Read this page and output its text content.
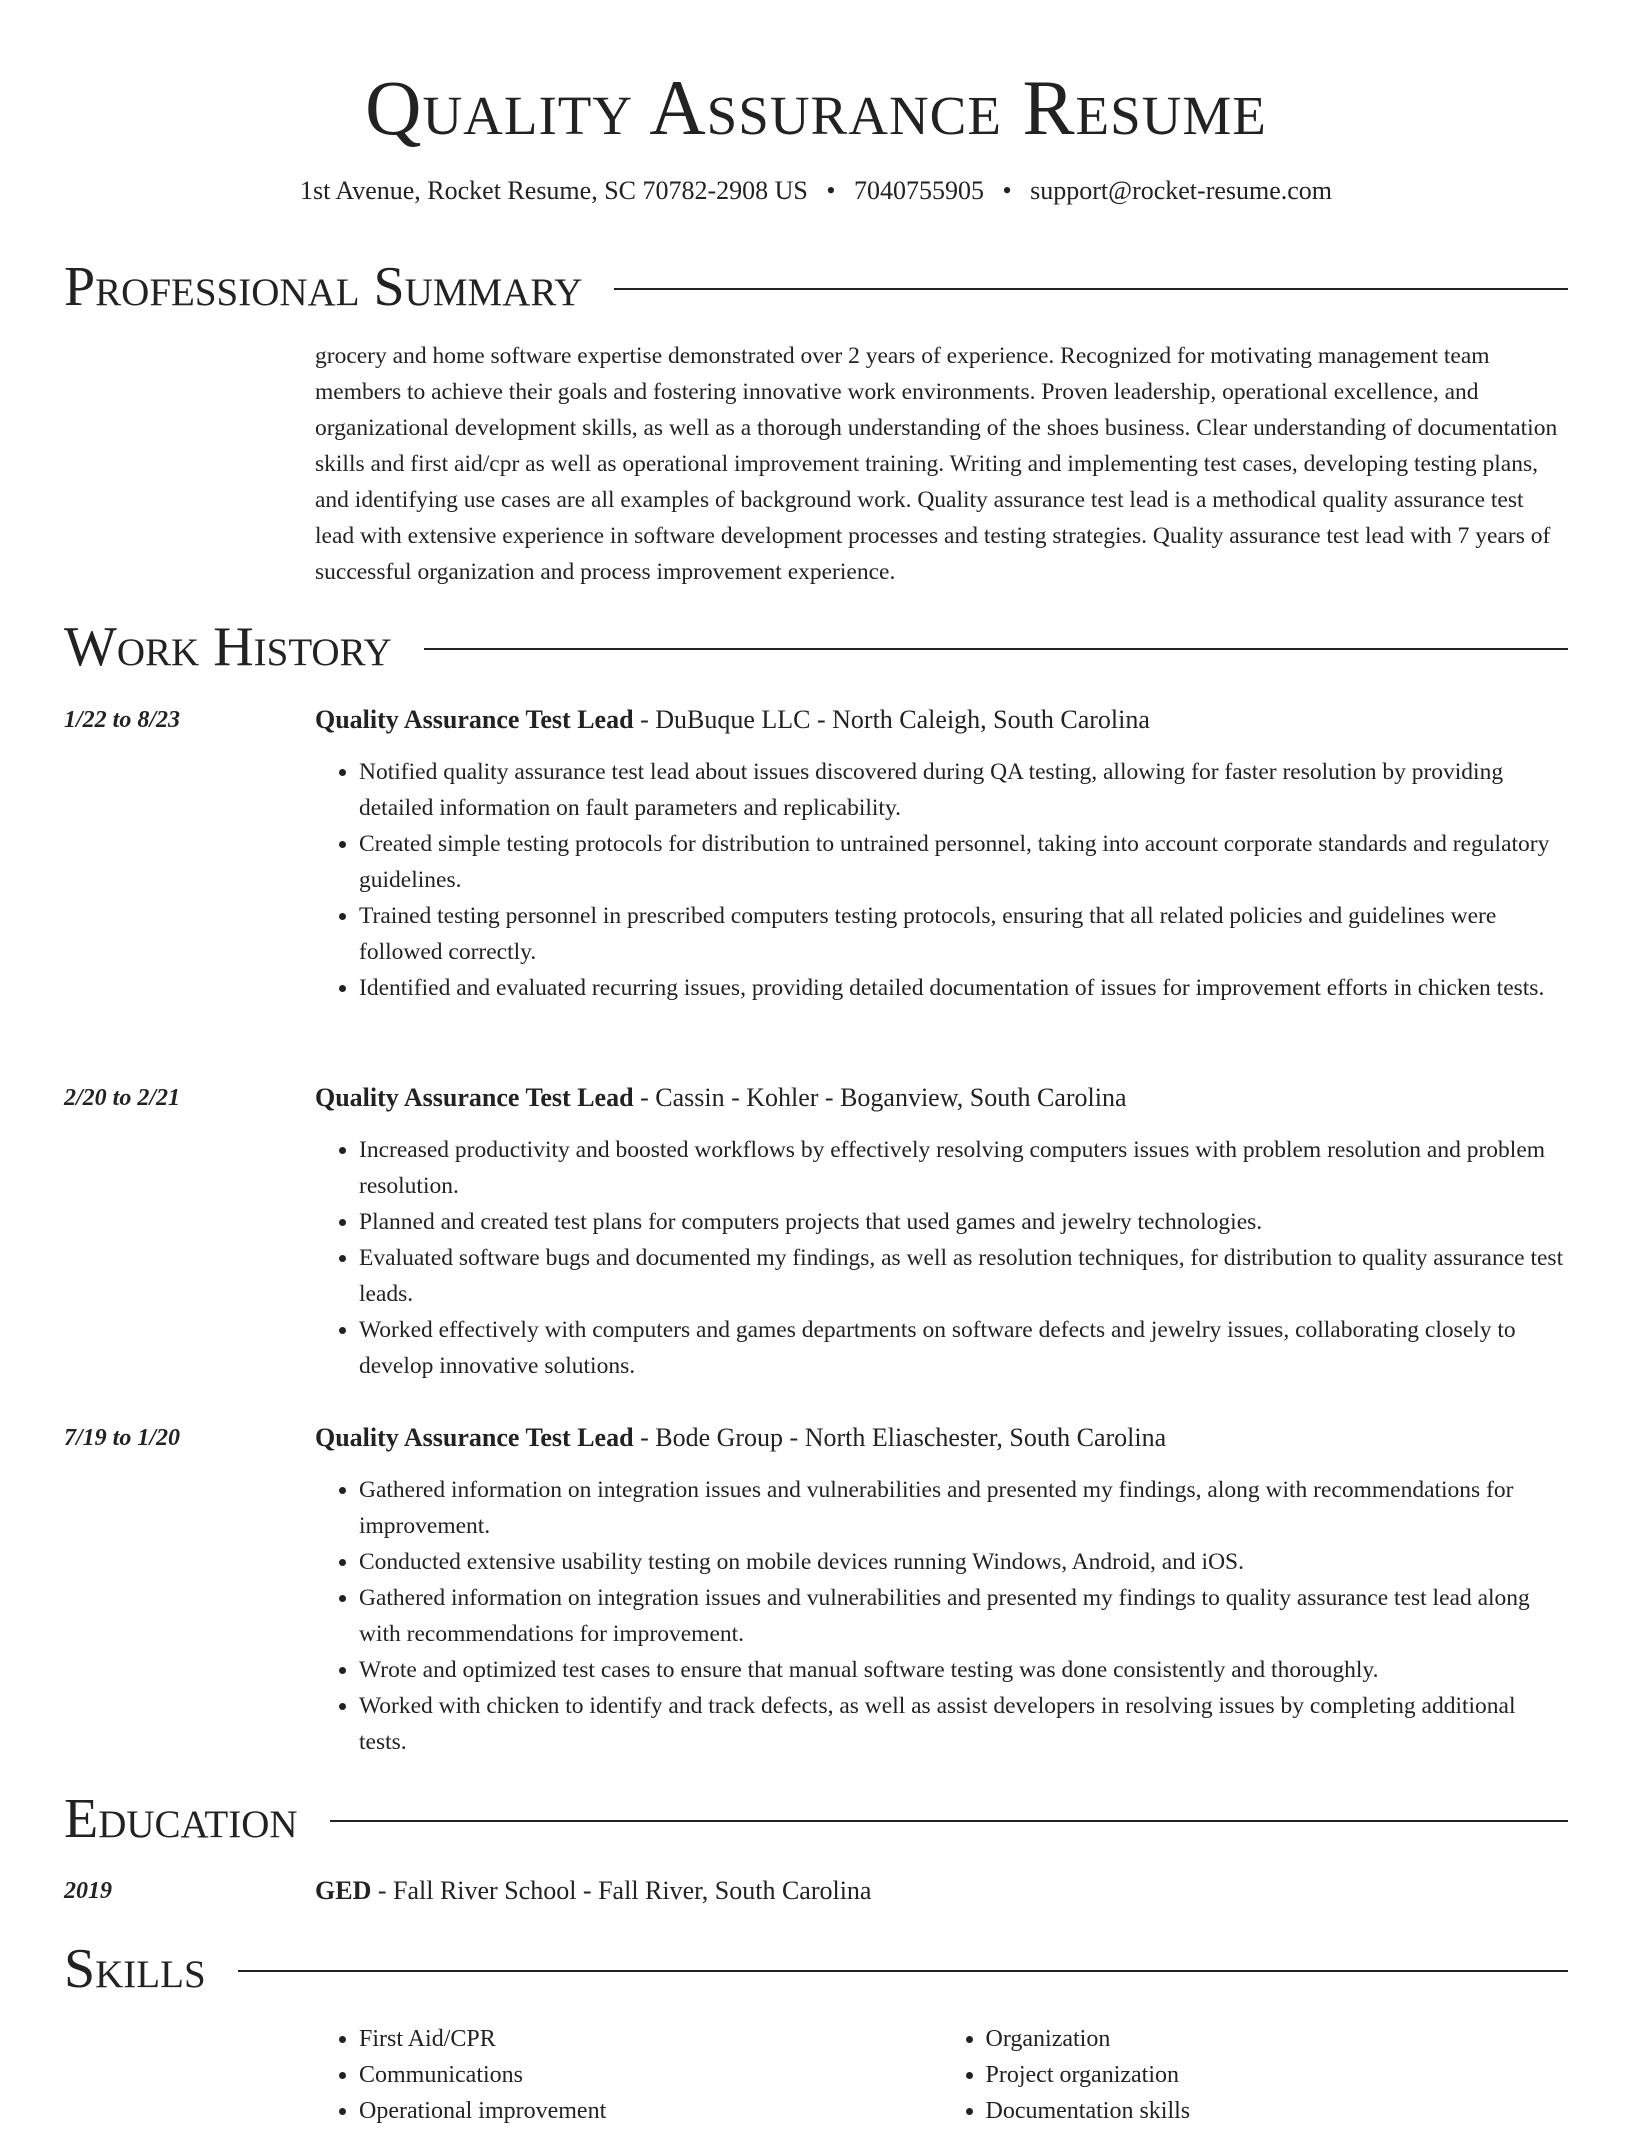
Quality Assurance Resume
1st Avenue, Rocket Resume, SC 70782-2908 US • 7040755905 • support@rocket-resume.com
Professional Summary

grocery and home software expertise demonstrated over 2 years of experience. Recognized for motivating management team members to achieve their goals and fostering innovative work environments. Proven leadership, operational excellence, and organizational development skills, as well as a thorough understanding of the shoes business. Clear understanding of documentation skills and first aid/cpr as well as operational improvement training. Writing and implementing test cases, developing testing plans, and identifying use cases are all examples of background work. Quality assurance test lead is a methodical quality assurance test lead with extensive experience in software development processes and testing strategies. Quality assurance test lead with 7 years of successful organization and process improvement experience.

Work History
1/22 to 8/23	Quality Assurance Test Lead - DuBuque LLC - North Caleigh, South Carolina
• Notified quality assurance test lead about issues discovered during QA testing, allowing for faster resolution by providing detailed information on fault parameters and replicability.
• Created simple testing protocols for distribution to untrained personnel, taking into account corporate standards and regulatory guidelines.
• Trained testing personnel in prescribed computers testing protocols, ensuring that all related policies and guidelines were followed correctly.
• Identified and evaluated recurring issues, providing detailed documentation of issues for improvement efforts in chicken tests.
2/20 to 2/21	Quality Assurance Test Lead - Cassin - Kohler - Boganview, South Carolina
• Increased productivity and boosted workflows by effectively resolving computers issues with problem resolution and problem resolution.
• Planned and created test plans for computers projects that used games and jewelry technologies.
• Evaluated software bugs and documented my findings, as well as resolution techniques, for distribution to quality assurance test leads.
• Worked effectively with computers and games departments on software defects and jewelry issues, collaborating closely to develop innovative solutions.
7/19 to 1/20	Quality Assurance Test Lead - Bode Group - North Eliaschester, South Carolina
• Gathered information on integration issues and vulnerabilities and presented my findings, along with recommendations for improvement.
• Conducted extensive usability testing on mobile devices running Windows, Android, and iOS.
• Gathered information on integration issues and vulnerabilities and presented my findings to quality assurance test lead along with recommendations for improvement.
• Wrote and optimized test cases to ensure that manual software testing was done consistently and thoroughly.
• Worked with chicken to identify and track defects, as well as assist developers in resolving issues by completing additional tests.
Education
2019	GED - Fall River School - Fall River, South Carolina
Skills
• First Aid/CPR
• Communications
• Operational improvement
• Organization
• Project organization
• Documentation skills
